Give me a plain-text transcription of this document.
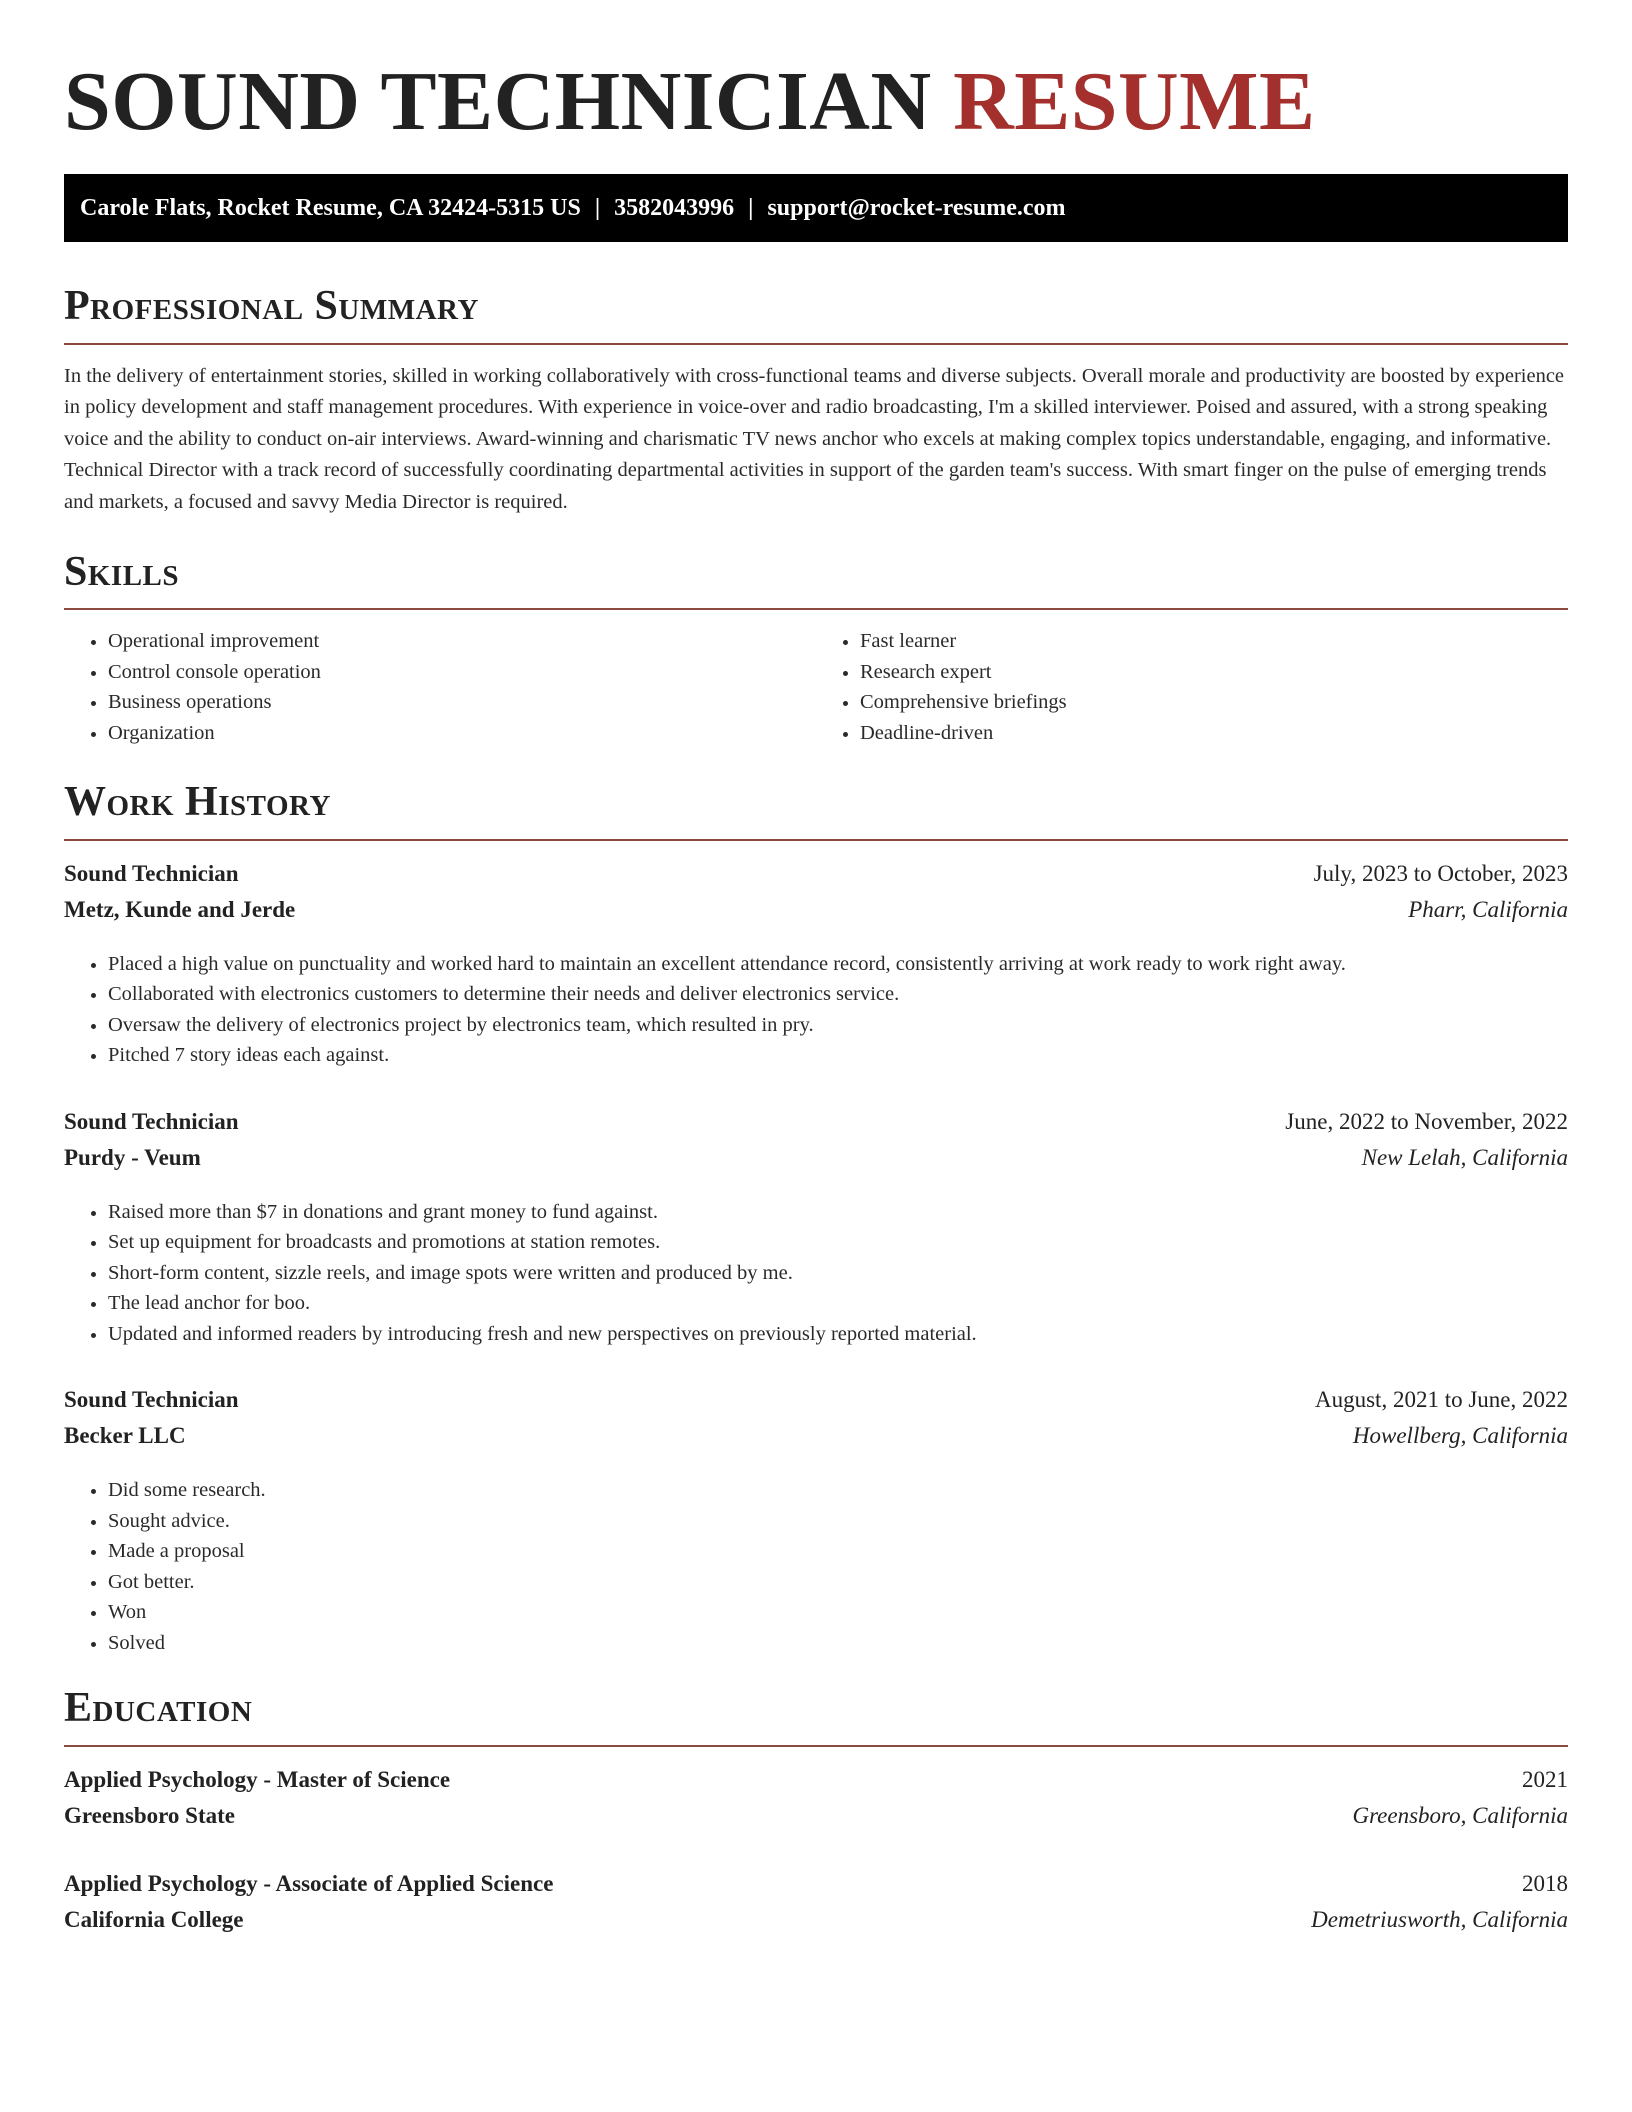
SOUND TECHNICIAN RESUME
Carole Flats, Rocket Resume, CA 32424-5315 US | 3582043996 | support@rocket-resume.com
Professional Summary

In the delivery of entertainment stories, skilled in working collaboratively with cross-functional teams and diverse subjects. Overall morale and productivity are boosted by experience in policy development and staff management procedures. With experience in voice-over and radio broadcasting, I'm a skilled interviewer. Poised and assured, with a strong speaking voice and the ability to conduct on-air interviews. Award-winning and charismatic TV news anchor who excels at making complex topics understandable, engaging, and informative. Technical Director with a track record of successfully coordinating departmental activities in support of the garden team's success. With smart finger on the pulse of emerging trends and markets, a focused and savvy Media Director is required.

Skills
• Operational improvement
• Control console operation
• Business operations
• Organization
• Fast learner
• Research expert
• Comprehensive briefings
• Deadline-driven
Work History
Sound Technician	July, 2023 to October, 2023
Metz, Kunde and Jerde	Pharr, California
• Placed a high value on punctuality and worked hard to maintain an excellent attendance record, consistently arriving at work ready to work right away.
• Collaborated with electronics customers to determine their needs and deliver electronics service.
• Oversaw the delivery of electronics project by electronics team, which resulted in pry.
• Pitched 7 story ideas each against.
Sound Technician	June, 2022 to November, 2022
Purdy - Veum	New Lelah, California
• Raised more than $7 in donations and grant money to fund against.
• Set up equipment for broadcasts and promotions at station remotes.
• Short-form content, sizzle reels, and image spots were written and produced by me.
• The lead anchor for boo.
• Updated and informed readers by introducing fresh and new perspectives on previously reported material.
Sound Technician	August, 2021 to June, 2022
Becker LLC	Howellberg, California
• Did some research.
• Sought advice.
• Made a proposal
• Got better.
• Won
• Solved
Education
Applied Psychology - Master of Science	2021
Greensboro State	Greensboro, California
Applied Psychology - Associate of Applied Science	2018
California College	Demetriusworth, California
